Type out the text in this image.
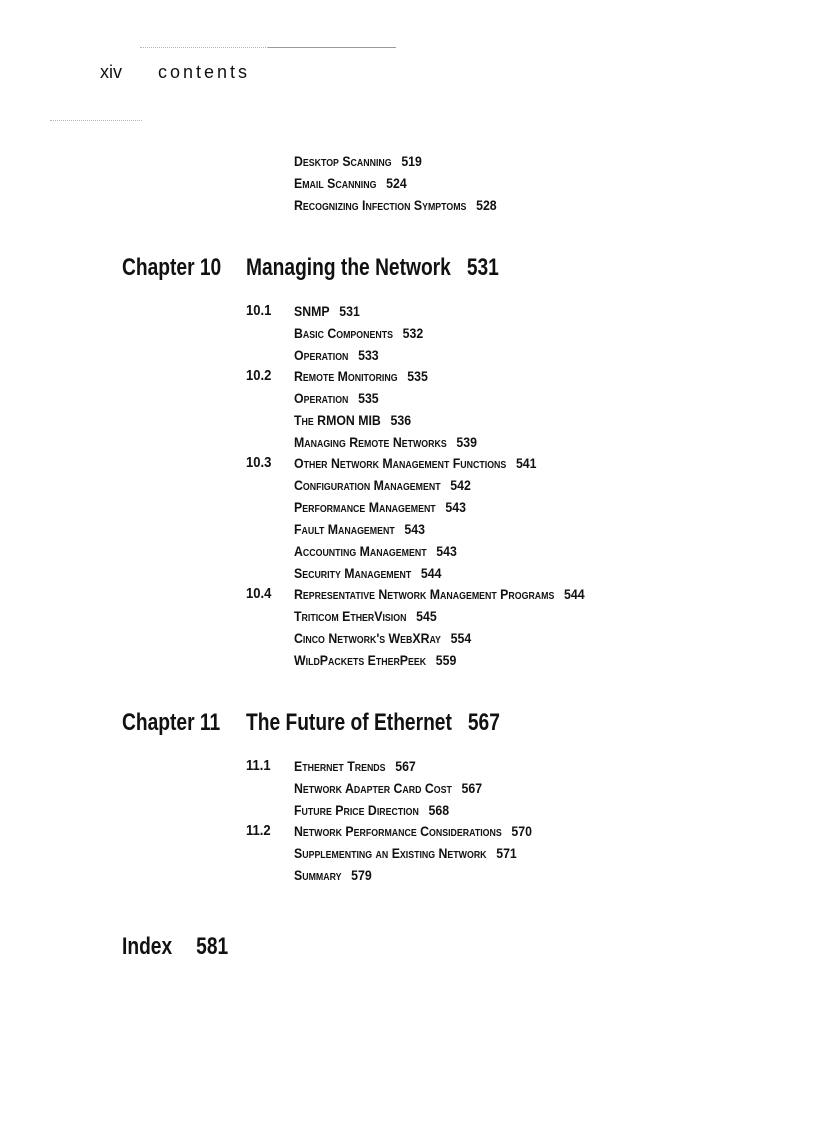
xiv contents
Desktop Scanning 519
Email Scanning 524
Recognizing Infection Symptoms 528
Chapter 10 Managing the Network 531
10.1 SNMP 531
Basic Components 532
Operation 533
10.2 Remote Monitoring 535
Operation 535
The RMON MIB 536
Managing Remote Networks 539
10.3 Other Network Management Functions 541
Configuration Management 542
Performance Management 543
Fault Management 543
Accounting Management 543
Security Management 544
10.4 Representative Network Management Programs 544
Triticom EtherVision 545
Cinco Network's WebXRay 554
WildPackets EtherPeek 559
Chapter 11 The Future of Ethernet 567
11.1 Ethernet Trends 567
Network Adapter Card Cost 567
Future Price Direction 568
11.2 Network Performance Considerations 570
Supplementing an Existing Network 571
Summary 579
Index 581
